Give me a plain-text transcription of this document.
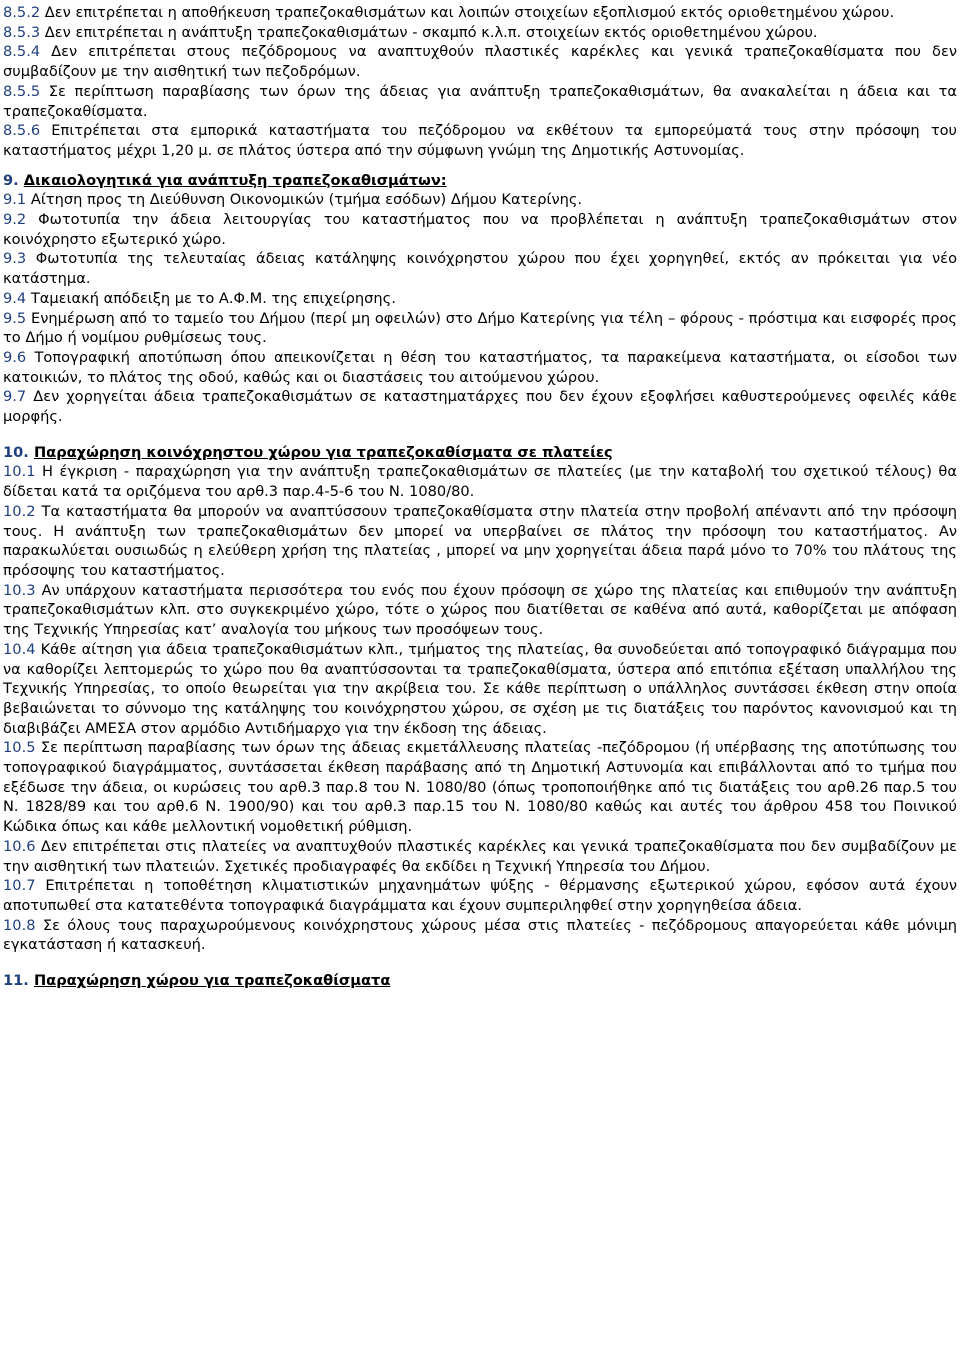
8.5.2 Δεν επιτρέπεται η αποθήκευση τραπεζοκαθισμάτων και λοιπών στοιχείων εξοπλισμού εκτός οριοθετημένου χώρου.

8.5.3 Δεν επιτρέπεται η ανάπτυξη τραπεζοκαθισμάτων - σκαμπό κ.λ.π. στοιχείων εκτός οριοθετημένου χώρου.

8.5.4 Δεν επιτρέπεται στους πεζόδρομους να αναπτυχθούν πλαστικές καρέκλες και γενικά τραπεζοκαθίσματα που δεν συμβαδίζουν με την αισθητική των πεζοδρόμων.

8.5.5 Σε περίπτωση παραβίασης των όρων της άδειας για ανάπτυξη τραπεζοκαθισμάτων, θα ανακαλείται η άδεια και τα τραπεζοκαθίσματα.

8.5.6 Επιτρέπεται στα εμπορικά καταστήματα του πεζόδρομου να εκθέτουν τα εμπορεύματά τους στην πρόσοψη του καταστήματος μέχρι 1,20 μ. σε πλάτος ύστερα από την σύμφωνη γνώμη της Δημοτικής Αστυνομίας.

9. Δικαιολογητικά για ανάπτυξη τραπεζοκαθισμάτων:

9.1 Αίτηση προς τη Διεύθυνση Οικονομικών (τμήμα εσόδων) Δήμου Κατερίνης.

9.2 Φωτοτυπία την άδεια λειτουργίας του καταστήματος που να προβλέπεται η ανάπτυξη τραπεζοκαθισμάτων στον κοινόχρηστο εξωτερικό χώρο.

9.3 Φωτοτυπία της τελευταίας άδειας κατάληψης κοινόχρηστου χώρου που έχει χορηγηθεί, εκτός αν πρόκειται για νέο κατάστημα.

9.4 Ταμειακή απόδειξη με το Α.Φ.Μ. της επιχείρησης.

9.5 Ενημέρωση από το ταμείο του Δήμου (περί μη οφειλών) στο Δήμο Κατερίνης για τέλη – φόρους - πρόστιμα και εισφορές προς το Δήμο ή νομίμου ρυθμίσεως τους.

9.6 Τοπογραφική αποτύπωση όπου απεικονίζεται η θέση του καταστήματος, τα παρακείμενα καταστήματα, οι είσοδοι των κατοικιών, το πλάτος της οδού, καθώς και οι διαστάσεις του αιτούμενου χώρου.

9.7 Δεν χορηγείται άδεια τραπεζοκαθισμάτων σε καταστηματάρχες που δεν έχουν εξοφλήσει καθυστερούμενες οφειλές κάθε μορφής.

10. Παραχώρηση κοινόχρηστου χώρου για τραπεζοκαθίσματα σε πλατείες

10.1 Η έγκριση - παραχώρηση για την ανάπτυξη τραπεζοκαθισμάτων σε πλατείες (με την καταβολή του σχετικού τέλους) θα δίδεται κατά τα οριζόμενα του αρθ.3 παρ.4-5-6 του Ν. 1080/80.

10.2 Τα καταστήματα θα μπορούν να αναπτύσσουν τραπεζοκαθίσματα στην πλατεία στην προβολή απέναντι από την πρόσοψη τους. Η ανάπτυξη των τραπεζοκαθισμάτων δεν μπορεί να υπερβαίνει σε πλάτος την πρόσοψη του καταστήματος. Αν παρακωλύεται ουσιωδώς η ελεύθερη χρήση της πλατείας , μπορεί να μην χορηγείται άδεια παρά μόνο το 70% του πλάτους της πρόσοψης του καταστήματος.

10.3 Αν υπάρχουν καταστήματα περισσότερα του ενός που έχουν πρόσοψη σε χώρο της πλατείας και επιθυμούν την ανάπτυξη τραπεζοκαθισμάτων κλπ. στο συγκεκριμένο χώρο, τότε ο χώρος που διατίθεται σε καθένα από αυτά, καθορίζεται με απόφαση της Τεχνικής Υπηρεσίας κατ’ αναλογία του μήκους των προσόψεων τους.

10.4 Κάθε αίτηση για άδεια τραπεζοκαθισμάτων κλπ., τμήματος της πλατείας, θα συνοδεύεται από τοπογραφικό διάγραμμα που να καθορίζει λεπτομερώς το χώρο που θα αναπτύσσονται τα τραπεζοκαθίσματα, ύστερα από επιτόπια εξέταση υπαλλήλου της Τεχνικής Υπηρεσίας, το οποίο θεωρείται για την ακρίβεια του. Σε κάθε περίπτωση ο υπάλληλος συντάσσει έκθεση στην οποία βεβαιώνεται το σύννομο της κατάληψης του κοινόχρηστου χώρου, σε σχέση με τις διατάξεις του παρόντος κανονισμού και τη διαβιβάζει ΑΜΕΣΑ στον αρμόδιο Αντιδήμαρχο για την έκδοση της άδειας.

10.5 Σε περίπτωση παραβίασης των όρων της άδειας εκμετάλλευσης πλατείας -πεζόδρομου (ή υπέρβασης της αποτύπωσης του τοπογραφικού διαγράμματος, συντάσσεται έκθεση παράβασης από τη Δημοτική Αστυνομία και επιβάλλονται από το τμήμα που εξέδωσε την άδεια, οι κυρώσεις του αρθ.3 παρ.8 του Ν. 1080/80 (όπως τροποποιήθηκε από τις διατάξεις του αρθ.26 παρ.5 του Ν. 1828/89 και του αρθ.6 Ν. 1900/90) και του αρθ.3 παρ.15 του Ν. 1080/80 καθώς και αυτές του άρθρου 458 του Ποινικού Κώδικα όπως και κάθε μελλοντική νομοθετική ρύθμιση.

10.6 Δεν επιτρέπεται στις πλατείες να αναπτυχθούν πλαστικές καρέκλες και γενικά τραπεζοκαθίσματα που δεν συμβαδίζουν με την αισθητική των πλατειών. Σχετικές προδιαγραφές θα εκδίδει η Τεχνική Υπηρεσία του Δήμου.

10.7 Επιτρέπεται η τοποθέτηση κλιματιστικών μηχανημάτων ψύξης - θέρμανσης εξωτερικού χώρου, εφόσον αυτά έχουν αποτυπωθεί στα κατατεθέντα τοπογραφικά διαγράμματα και έχουν συμπεριληφθεί στην χορηγηθείσα άδεια.

10.8 Σε όλους τους παραχωρούμενους κοινόχρηστους χώρους μέσα στις πλατείες - πεζόδρομους απαγορεύεται κάθε μόνιμη εγκατάσταση ή κατασκευή.

11. Παραχώρηση χώρου για τραπεζοκαθίσματα
